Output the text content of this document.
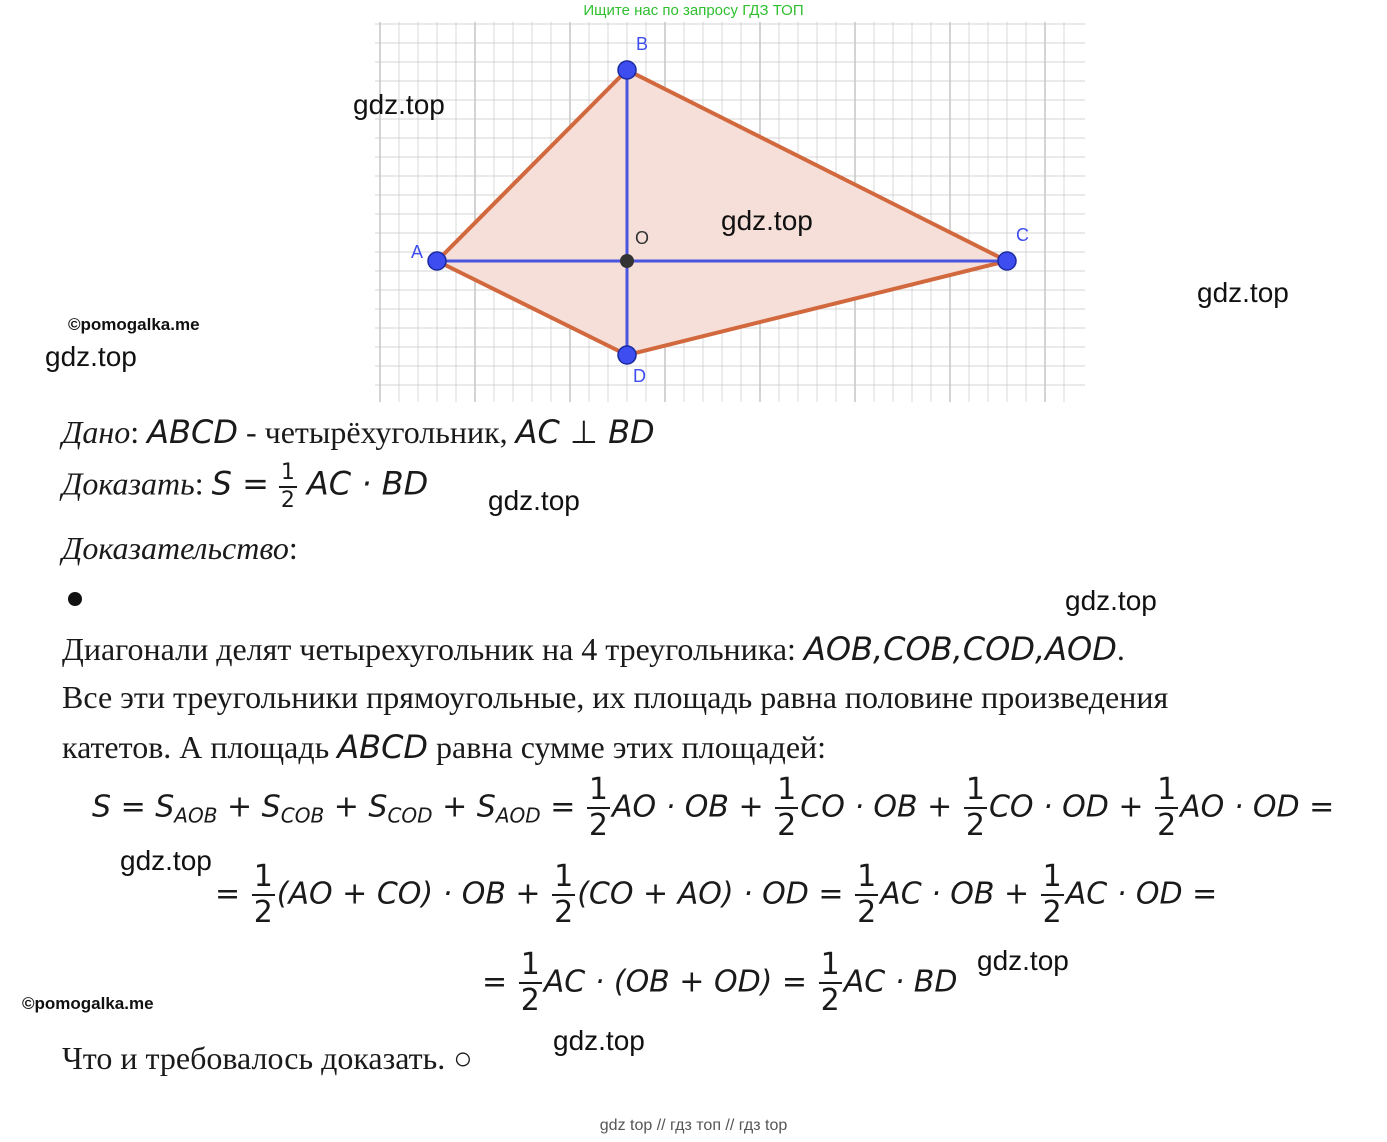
Ищите нас по запросу ГДЗ ТОП
A
B
C
D
O
gdz.top
gdz.top
gdz.top
gdz.top
gdz.top
gdz.top
gdz.top
gdz.top
gdz.top
©pomogalka.me
©pomogalka.me
Дано: ABCD - четырёхугольник, AC ⊥ BD
Доказать: $S = \frac{1}{2}$ AC · BD
Доказательство:
Диагонали делят четырехугольник на 4 треугольника: AOB,COB,COD,AOD.
Все эти треугольники прямоугольные, их площадь равна половине произведения
катетов. А площадь ABCD равна сумме этих площадей:
$S = S_{AOB} + S_{COB} + S_{COD} + S_{AOD} = \frac{1}{2}$ AO · OB + $\frac{1}{2}$ CO · OB + $\frac{1}{2}$ CO · OD + $\frac{1}{2}$ AO · OD =
= $\frac{1}{2} (AO + CO)$ · OB + $\frac{1}{2} (CO + AO)$ · OD = $\frac{1}{2}$ AC · OB + $\frac{1}{2}$ AC · OD =
= $\frac{1}{2}$ AC · $(OB + OD) = \frac{1}{2}$ AC · BD
Что и требовалось доказать. ○
gdz top // гдз топ // гдз top
